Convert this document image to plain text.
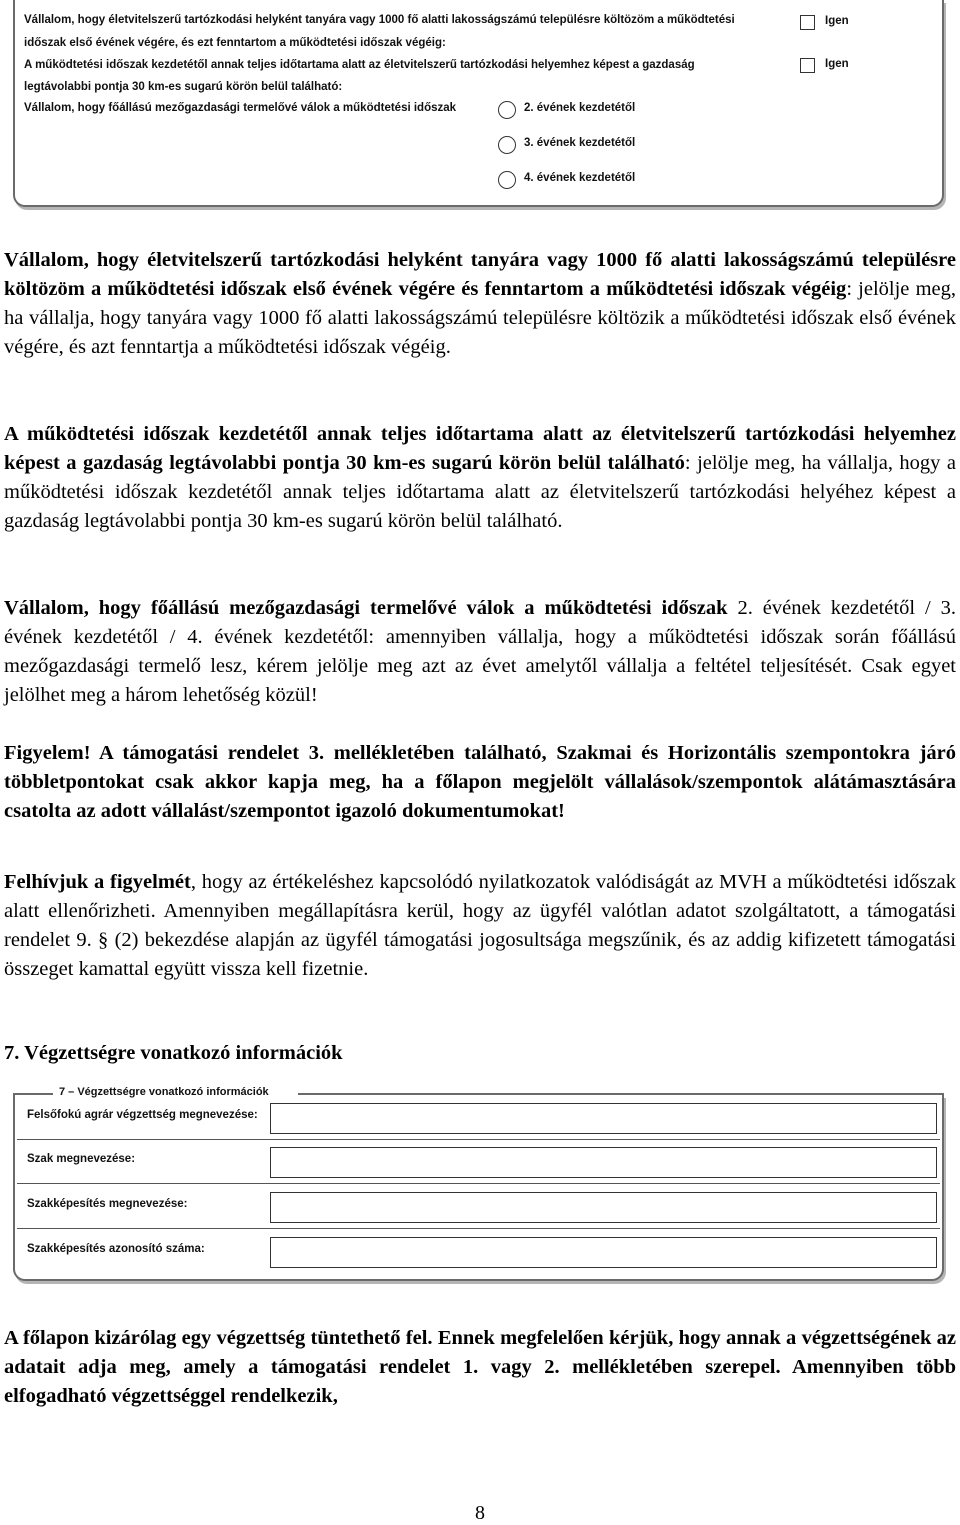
Vállalom, hogy életvitelszerű tartózkodási helyként tanyára vagy 1000 fő alatti lakosságszámú településre költözöm a működtetési
időszak első évének végére, és ezt fenntartom a működtetési időszak végéig:
A működtetési időszak kezdetétől annak teljes időtartama alatt az életvitelszerű tartózkodási helyemhez képest a gazdaság
legtávolabbi pontja 30 km-es sugarú körön belül található:
Vállalom, hogy főállású mezőgazdasági termelővé válok a működtetési időszak
Igen
Igen
2. évének kezdetétől
3. évének kezdetétől
4. évének kezdetétől

Vállalom, hogy életvitelszerű tartózkodási helyként tanyára vagy 1000 fő alatti lakosságszámú településre költözöm a működtetési időszak első évének végére és fenntartom a működtetési időszak végéig: jelölje meg, ha vállalja, hogy tanyára vagy 1000 fő alatti lakosságszámú településre költözik a működtetési időszak első évének végére, és azt fenntartja a működtetési időszak végéig.

A működtetési időszak kezdetétől annak teljes időtartama alatt az életvitelszerű tartózkodási helyemhez képest a gazdaság legtávolabbi pontja 30 km-es sugarú körön belül található: jelölje meg, ha vállalja, hogy a működtetési időszak kezdetétől annak teljes időtartama alatt az életvitelszerű tartózkodási helyéhez képest a gazdaság legtávolabbi pontja 30 km-es sugarú körön belül található.

Vállalom, hogy főállású mezőgazdasági termelővé válok a működtetési időszak 2. évének kezdetétől / 3. évének kezdetétől / 4. évének kezdetétől: amennyiben vállalja, hogy a működtetési időszak során főállású mezőgazdasági termelő lesz, kérem jelölje meg azt az évet amelytől vállalja a feltétel teljesítését. Csak egyet jelölhet meg a három lehetőség közül!

Figyelem! A támogatási rendelet 3. mellékletében található, Szakmai és Horizontális szempontokra járó többletpontokat csak akkor kapja meg, ha a főlapon megjelölt vállalások/szempontok alátámasztására csatolta az adott vállalást/szempontot igazoló dokumentumokat!

Felhívjuk a figyelmét, hogy az értékeléshez kapcsolódó nyilatkozatok valódiságát az MVH a működtetési időszak alatt ellenőrizheti. Amennyiben megállapításra kerül, hogy az ügyfél valótlan adatot szolgáltatott, a támogatási rendelet 9. § (2) bekezdése alapján az ügyfél támogatási jogosultsága megszűnik, és az addig kifizetett támogatási összeget kamattal együtt vissza kell fizetnie.

7. Végzettségre vonatkozó információk

7 – Végzettségre vonatkozó információk
Felsőfokú agrár végzettség megnevezése:
Szak megnevezése:
Szakképesítés megnevezése:
Szakképesítés azonosító száma:

A főlapon kizárólag egy végzettség tüntethető fel. Ennek megfelelően kérjük, hogy annak a végzettségének az adatait adja meg, amely a támogatási rendelet 1. vagy 2. mellékletében szerepel. Amennyiben több elfogadható végzettséggel rendelkezik,

8
